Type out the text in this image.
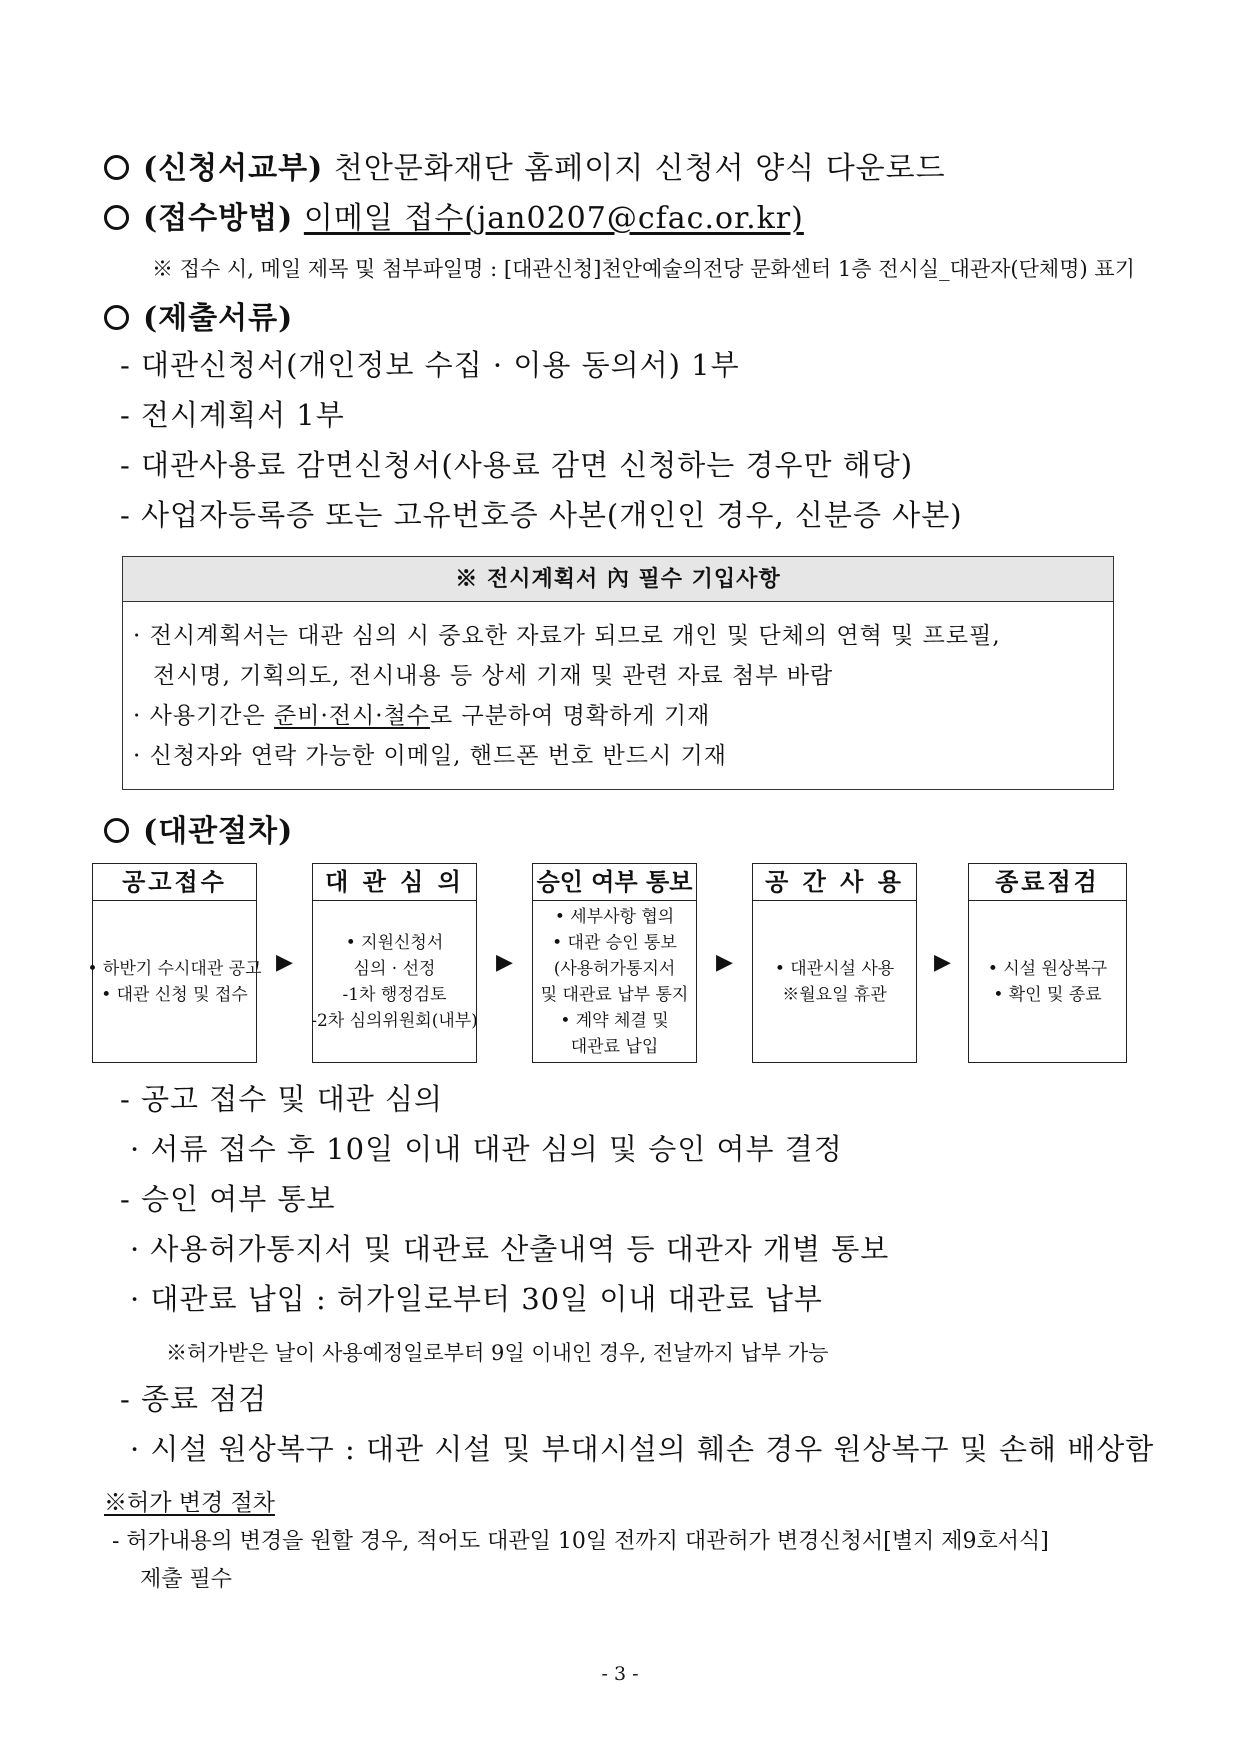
(신청서교부) 천안문화재단 홈페이지 신청서 양식 다운로드
(접수방법) 이메일 접수(jan0207@cfac.or.kr)
※ 접수 시, 메일 제목 및 첨부파일명 : [대관신청]천안예술의전당 문화센터 1층 전시실_대관자(단체명) 표기
(제출서류)
- 대관신청서(개인정보 수집 · 이용 동의서) 1부
- 전시계획서 1부
- 대관사용료 감면신청서(사용료 감면 신청하는 경우만 해당)
- 사업자등록증 또는 고유번호증 사본(개인인 경우, 신분증 사본)
※ 전시계획서 內 필수 기입사항
· 전시계획서는 대관 심의 시 중요한 자료가 되므로 개인 및 단체의 연혁 및 프로필,
전시명, 기획의도, 전시내용 등 상세 기재 및 관련 자료 첨부 바람
· 사용기간은 준비·전시·철수로 구분하여 명확하게 기재
· 신청자와 연락 가능한 이메일, 핸드폰 번호 반드시 기재
(대관절차)
공고접수
• 하반기 수시대관 공고
• 대관 신청 및 접수
▶
대 관 심 의
• 지원신청서
심의 · 선정
-1차 행정검토
-2차 심의위원회(내부)
▶
승인 여부 통보
• 세부사항 협의
• 대관 승인 통보
(사용허가통지서
및 대관료 납부 통지
• 계약 체결 및
대관료 납입
▶
공 간 사 용
• 대관시설 사용
※월요일 휴관
▶
종료점검
• 시설 원상복구
• 확인 및 종료
- 공고 접수 및 대관 심의
· 서류 접수 후 10일 이내 대관 심의 및 승인 여부 결정
- 승인 여부 통보
· 사용허가통지서 및 대관료 산출내역 등 대관자 개별 통보
· 대관료 납입 : 허가일로부터 30일 이내 대관료 납부
※허가받은 날이 사용예정일로부터 9일 이내인 경우, 전날까지 납부 가능
- 종료 점검
· 시설 원상복구 : 대관 시설 및 부대시설의 훼손 경우 원상복구 및 손해 배상함
※허가 변경 절차
- 허가내용의 변경을 원할 경우, 적어도 대관일 10일 전까지 대관허가 변경신청서[별지 제9호서식]
제출 필수
- 3 -
